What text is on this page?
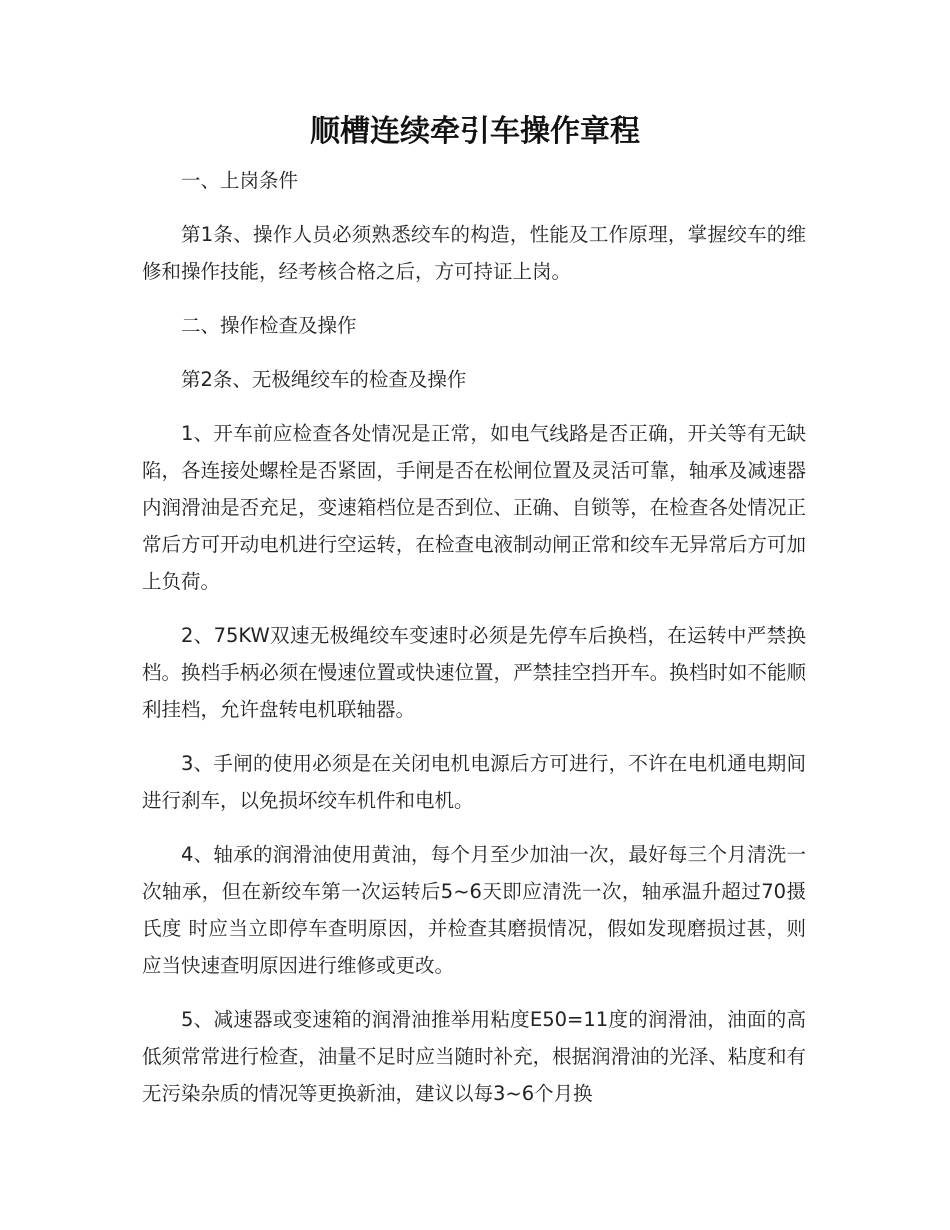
顺槽连续牵引车操作章程

一、上岗条件

第1条、操作人员必须熟悉绞车的构造，性能及工作原理，掌握绞车的维修和操作技能，经考核合格之后，方可持证上岗。

二、操作检查及操作

第2条、无极绳绞车的检查及操作

1、开车前应检查各处情况是正常，如电气线路是否正确，开关等有无缺陷，各连接处螺栓是否紧固，手闸是否在松闸位置及灵活可靠，轴承及减速器内润滑油是否充足，变速箱档位是否到位、正确、自锁等，在检查各处情况正常后方可开动电机进行空运转，在检查电液制动闸正常和绞车无异常后方可加上负荷。

2、75KW双速无极绳绞车变速时必须是先停车后换档，在运转中严禁换档。换档手柄必须在慢速位置或快速位置，严禁挂空挡开车。换档时如不能顺利挂档，允许盘转电机联轴器。

3、手闸的使用必须是在关闭电机电源后方可进行，不许在电机通电期间进行刹车，以免损坏绞车机件和电机。

4、轴承的润滑油使用黄油，每个月至少加油一次，最好每三个月清洗一次轴承，但在新绞车第一次运转后5~6天即应清洗一次，轴承温升超过70摄氏度 时应当立即停车查明原因，并检查其磨损情况，假如发现磨损过甚，则应当快速查明原因进行维修或更改。

5、减速器或变速箱的润滑油推举用粘度E50=11度的润滑油，油面的高低须常常进行检查，油量不足时应当随时补充，根据润滑油的光泽、粘度和有无污染杂质的情况等更换新油，建议以每3~6个月换
